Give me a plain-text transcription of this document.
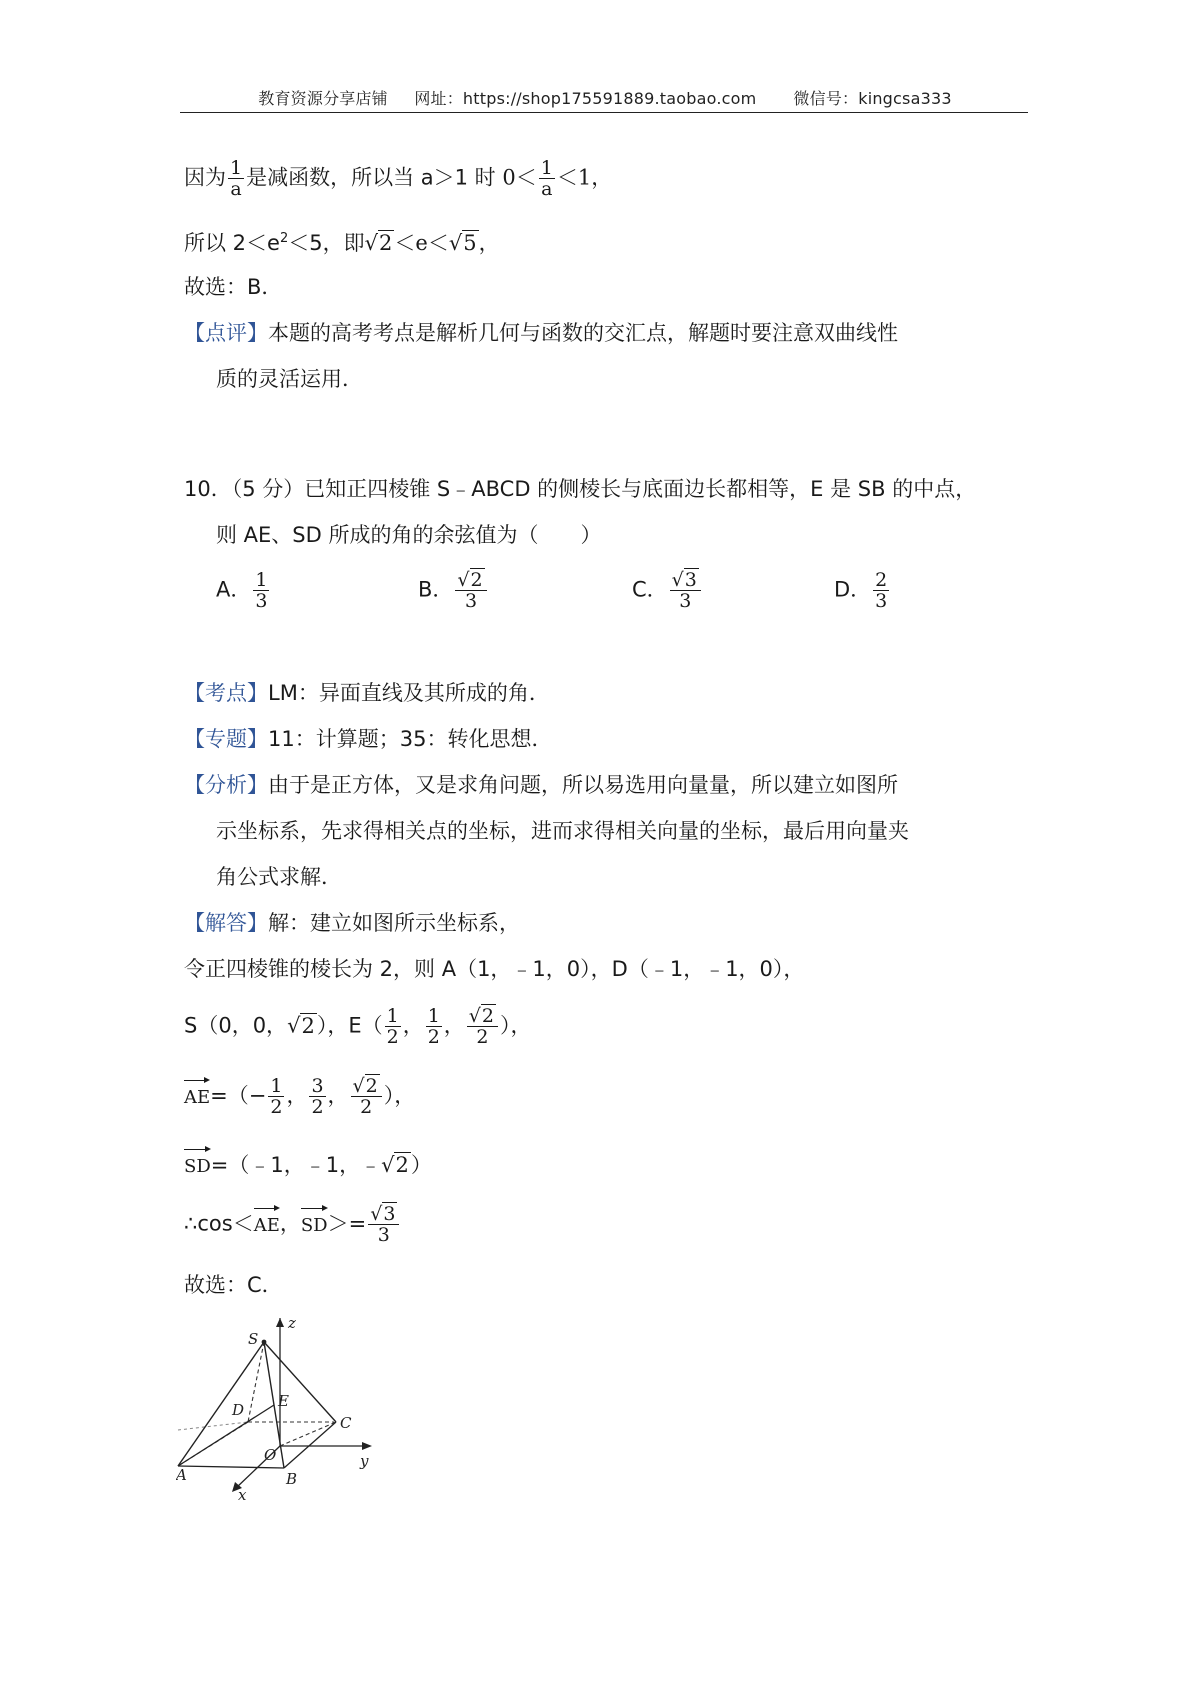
教育资源分享店铺 网址：https://shop175591889.taobao.com 微信号：kingcsa333
因为 $\frac{1}{a}$ 是减函数，所以当 a＞1 时 $0< \frac{1}{a} <1$，
所以 $2<e^2<5$，即√2＜e＜√5，
故选：B．
【点评】本题的高考考点是解析几何与函数的交汇点，解题时要注意双曲线性
质的灵活运用．
10．（5 分）已知正四棱锥 S﹣ABCD 的侧棱长与底面边长都相等，E 是 SB 的中点，
则 AE、SD 所成的角的余弦值为（　　）
A． $\frac{1}{3}$	B． $\frac{√2}{3}$	C． $\frac{√3}{3}$	D． $\frac{2}{3}$
【考点】LM：异面直线及其所成的角．
【专题】11：计算题；35：转化思想．
【分析】由于是正方体，又是求角问题，所以易选用向量量，所以建立如图所
示坐标系，先求得相关点的坐标，进而求得相关向量的坐标，最后用向量夹
角公式求解．
【解答】解：建立如图所示坐标系，
令正四棱锥的棱长为 2，则 A（1，﹣1，0），D（﹣1，﹣1，0），
S（0，0，√2），$E( \frac{1}{2}$ ， $\frac{1}{2}$ ， $\frac{√2}{2}$ ），
$AE=(- \frac{1}{2}$ ， $\frac{3}{2}$ ， $\frac{√2}{2}$ ），
SD=（﹣1，﹣1，﹣√2）
∴cos＜AE，$SD>= \frac{√3}{3}$
故选：C．
z
y
x
S
D E
C
A
O
B
